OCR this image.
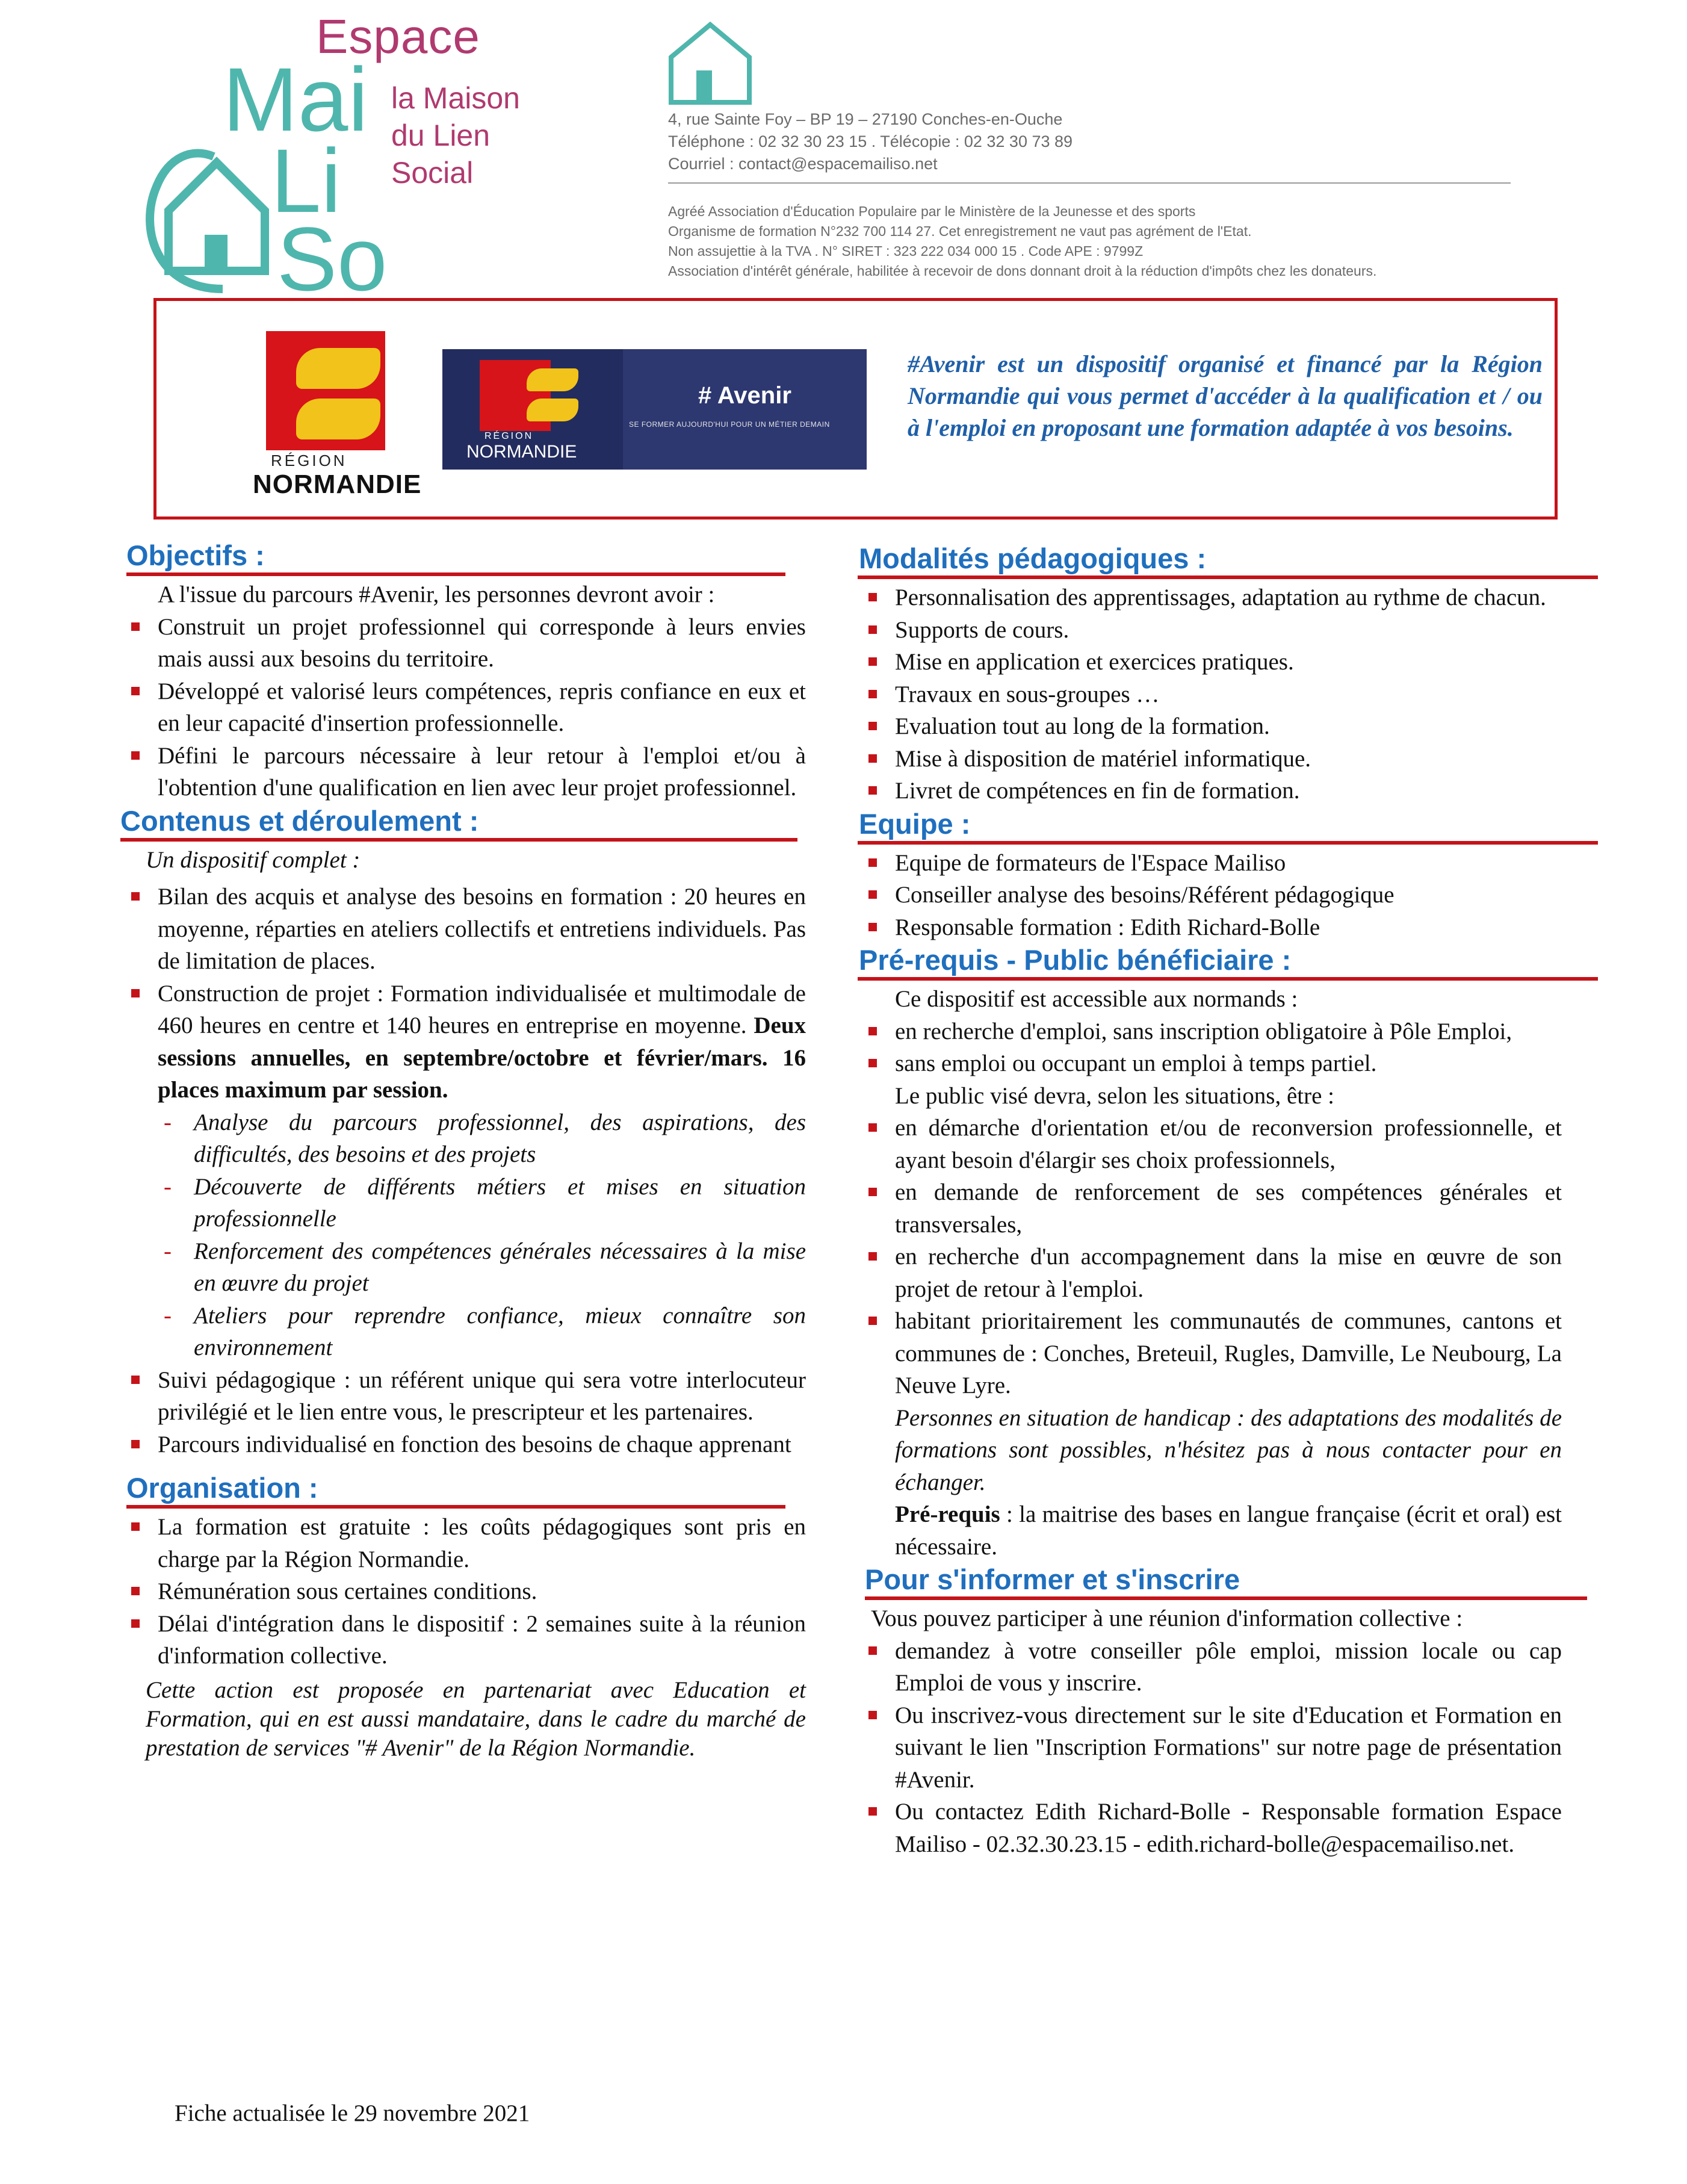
Espace
Mai
Li
So
la Maison
du Lien
Social
4, rue Sainte Foy – BP 19 – 27190 Conches-en-Ouche
Téléphone : 02 32 30 23 15 . Télécopie : 02 32 30 73 89
Courriel : contact@espacemailiso.net
Agréé Association d'Éducation Populaire par le Ministère de la Jeunesse et des sports
Organisme de formation N°232 700 114 27. Cet enregistrement ne vaut pas agrément de l'Etat.
Non assujettie à la TVA . N° SIRET : 323 222 034 000 15 . Code APE : 9799Z
Association d'intérêt générale, habilitée à recevoir de dons donnant droit à la réduction d'impôts chez les donateurs.
RÉGION
NORMANDIE
RÉGION
NORMANDIE
# Avenir
SE FORMER AUJOURD'HUI POUR UN MÉTIER DEMAIN
#Avenir est un dispositif organisé et financé par la Région Normandie qui vous permet d'accéder à la qualification et / ou à l'emploi en proposant une formation adaptée à vos besoins.
Objectifs :
A l'issue du parcours #Avenir, les personnes devront avoir :
Construit un projet professionnel qui corresponde à leurs envies mais aussi aux besoins du territoire.
Développé et valorisé leurs compétences, repris confiance en eux et en leur capacité d'insertion professionnelle.
Défini le parcours nécessaire à leur retour à l'emploi et/ou à l'obtention d'une qualification en lien avec leur projet professionnel.
Contenus et déroulement :
Un dispositif complet :
Bilan des acquis et analyse des besoins en formation : 20 heures en moyenne, réparties en ateliers collectifs et entretiens individuels. Pas de limitation de places.
Construction de projet : Formation individualisée et multimodale de 460 heures en centre et 140 heures en entreprise en moyenne. Deux sessions annuelles, en septembre/octobre et février/mars. 16 places maximum par session.
- Analyse du parcours professionnel, des aspirations, des difficultés, des besoins et des projets
- Découverte de différents métiers et mises en situation professionnelle
- Renforcement des compétences générales nécessaires à la mise en œuvre du projet
- Ateliers pour reprendre confiance, mieux connaître son environnement
Suivi pédagogique : un référent unique qui sera votre interlocuteur privilégié et le lien entre vous, le prescripteur et les partenaires.
Parcours individualisé en fonction des besoins de chaque apprenant
Organisation :
La formation est gratuite : les coûts pédagogiques sont pris en charge par la Région Normandie.
Rémunération sous certaines conditions.
Délai d'intégration dans le dispositif : 2 semaines suite à la réunion d'information collective.
Cette action est proposée en partenariat avec Education et Formation, qui en est aussi mandataire, dans le cadre du marché de prestation de services "# Avenir" de la Région Normandie.
Modalités pédagogiques :
Personnalisation des apprentissages, adaptation au rythme de chacun.
Supports de cours.
Mise en application et exercices pratiques.
Travaux en sous-groupes …
Evaluation tout au long de la formation.
Mise à disposition de matériel informatique.
Livret de compétences en fin de formation.
Equipe :
Equipe de formateurs de l'Espace Mailiso
Conseiller analyse des besoins/Référent pédagogique
Responsable formation : Edith Richard-Bolle
Pré-requis - Public bénéficiaire :
Ce dispositif est accessible aux normands :
en recherche d'emploi, sans inscription obligatoire à Pôle Emploi,
sans emploi ou occupant un emploi à temps partiel.
Le public visé devra, selon les situations, être :
en démarche d'orientation et/ou de reconversion professionnelle, et ayant besoin d'élargir ses choix professionnels,
en demande de renforcement de ses compétences générales et transversales,
en recherche d'un accompagnement dans la mise en œuvre de son projet de retour à l'emploi.
habitant prioritairement les communautés de communes, cantons et communes de : Conches, Breteuil, Rugles, Damville, Le Neubourg, La Neuve Lyre.
Personnes en situation de handicap : des adaptations des modalités de formations sont possibles, n'hésitez pas à nous contacter pour en échanger.
Pré-requis : la maitrise des bases en langue française (écrit et oral) est nécessaire.
Pour s'informer et s'inscrire
Vous pouvez participer à une réunion d'information collective :
demandez à votre conseiller pôle emploi, mission locale ou cap Emploi de vous y inscrire.
Ou inscrivez-vous directement sur le site d'Education et Formation en suivant le lien "Inscription Formations" sur notre page de présentation #Avenir.
Ou contactez Edith Richard-Bolle - Responsable formation Espace Mailiso - 02.32.30.23.15 - edith.richard-bolle@espacemailiso.net.
Fiche actualisée le 29 novembre 2021
